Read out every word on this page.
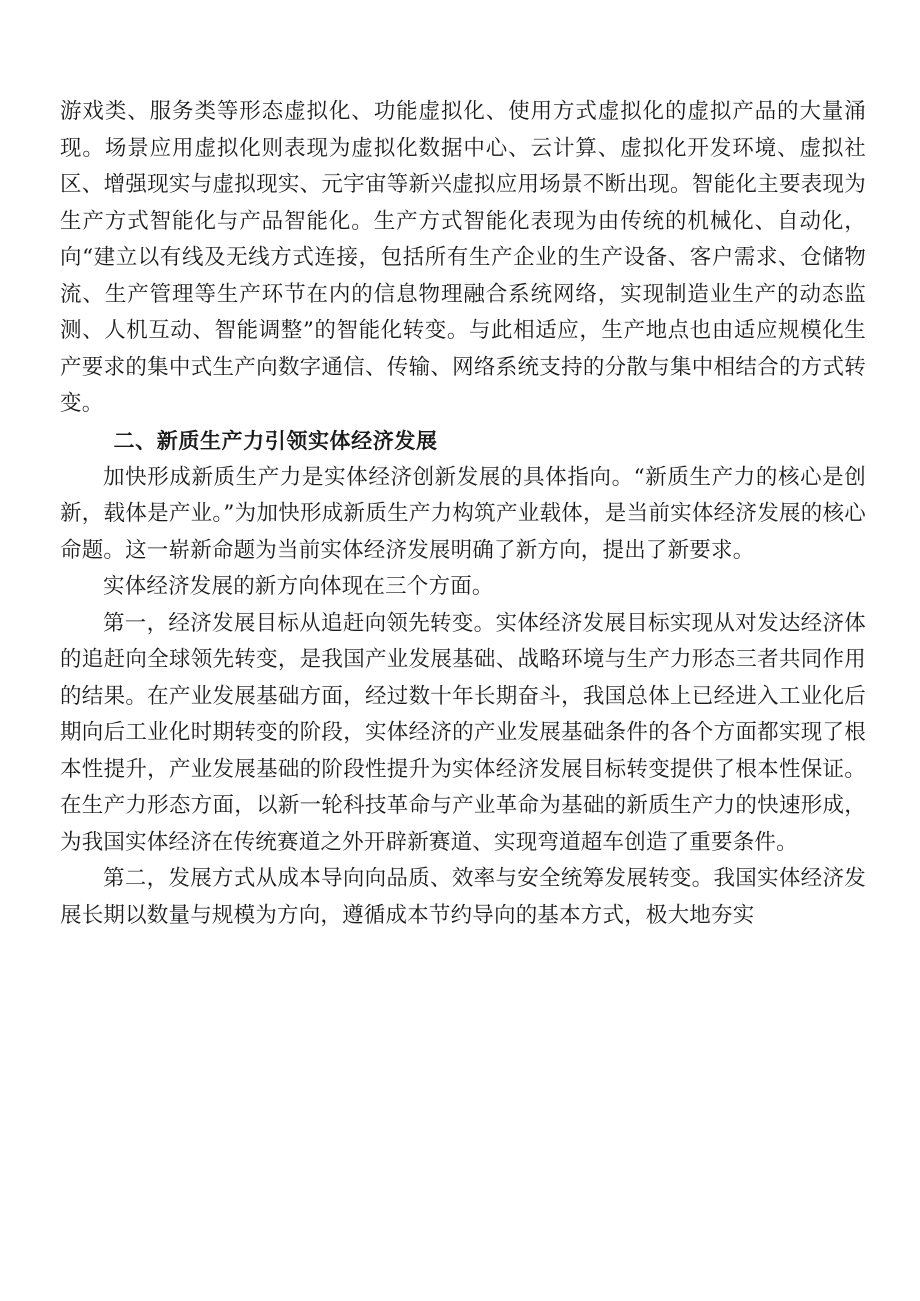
游戏类、服务类等形态虚拟化、功能虚拟化、使用方式虚拟化的虚拟产品的大量涌现。场景应用虚拟化则表现为虚拟化数据中心、云计算、虚拟化开发环境、虚拟社区、增强现实与虚拟现实、元宇宙等新兴虚拟应用场景不断出现。智能化主要表现为生产方式智能化与产品智能化。生产方式智能化表现为由传统的机械化、自动化，向“建立以有线及无线方式连接，包括所有生产企业的生产设备、客户需求、仓储物流、生产管理等生产环节在内的信息物理融合系统网络，实现制造业生产的动态监测、人机互动、智能调整”的智能化转变。与此相适应，生产地点也由适应规模化生产要求的集中式生产向数字通信、传输、网络系统支持的分散与集中相结合的方式转变。

二、新质生产力引领实体经济发展

加快形成新质生产力是实体经济创新发展的具体指向。“新质生产力的核心是创新，载体是产业。”为加快形成新质生产力构筑产业载体，是当前实体经济发展的核心命题。这一崭新命题为当前实体经济发展明确了新方向，提出了新要求。

实体经济发展的新方向体现在三个方面。

第一，经济发展目标从追赶向领先转变。实体经济发展目标实现从对发达经济体的追赶向全球领先转变，是我国产业发展基础、战略环境与生产力形态三者共同作用的结果。在产业发展基础方面，经过数十年长期奋斗，我国总体上已经进入工业化后期向后工业化时期转变的阶段，实体经济的产业发展基础条件的各个方面都实现了根本性提升，产业发展基础的阶段性提升为实体经济发展目标转变提供了根本性保证。在生产力形态方面，以新一轮科技革命与产业革命为基础的新质生产力的快速形成，为我国实体经济在传统赛道之外开辟新赛道、实现弯道超车创造了重要条件。

第二，发展方式从成本导向向品质、效率与安全统筹发展转变。我国实体经济发展长期以数量与规模为方向，遵循成本节约导向的基本方式，极大地夯实
